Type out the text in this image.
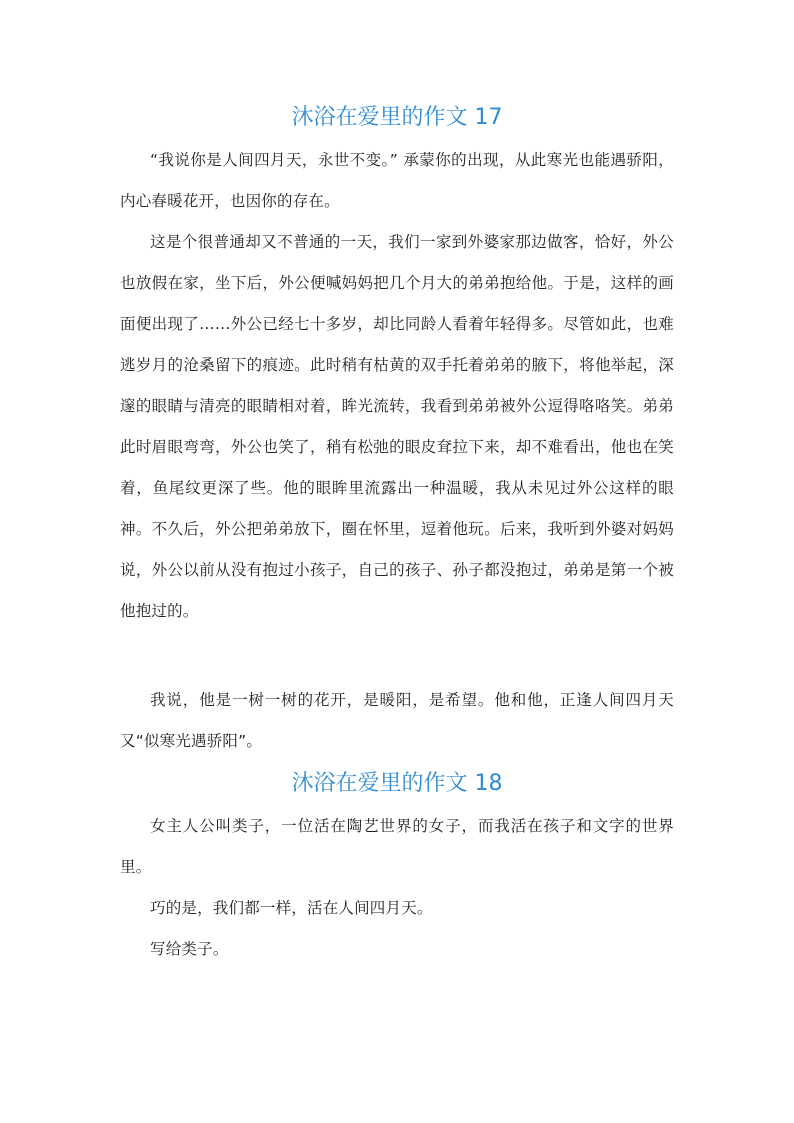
沐浴在爱里的作文 17

“我说你是人间四月天，永世不变。” 承蒙你的出现，从此寒光也能遇骄阳，内心春暖花开，也因你的存在。

这是个很普通却又不普通的一天，我们一家到外婆家那边做客，恰好，外公也放假在家，坐下后，外公便喊妈妈把几个月大的弟弟抱给他。于是，这样的画面便出现了……外公已经七十多岁，却比同龄人看着年轻得多。尽管如此，也难逃岁月的沧桑留下的痕迹。此时稍有枯黄的双手托着弟弟的腋下，将他举起，深邃的眼睛与清亮的眼睛相对着，眸光流转，我看到弟弟被外公逗得咯咯笑。弟弟此时眉眼弯弯，外公也笑了，稍有松弛的眼皮耷拉下来，却不难看出，他也在笑着，鱼尾纹更深了些。他的眼眸里流露出一种温暖，我从未见过外公这样的眼神。不久后，外公把弟弟放下，圈在怀里，逗着他玩。后来，我听到外婆对妈妈说，外公以前从没有抱过小孩子，自己的孩子、孙子都没抱过，弟弟是第一个被他抱过的。

我说，他是一树一树的花开，是暖阳，是希望。他和他，正逢人间四月天又“似寒光遇骄阳”。

沐浴在爱里的作文 18

女主人公叫类子，一位活在陶艺世界的女子，而我活在孩子和文字的世界里。

巧的是，我们都一样，活在人间四月天。

写给类子。
